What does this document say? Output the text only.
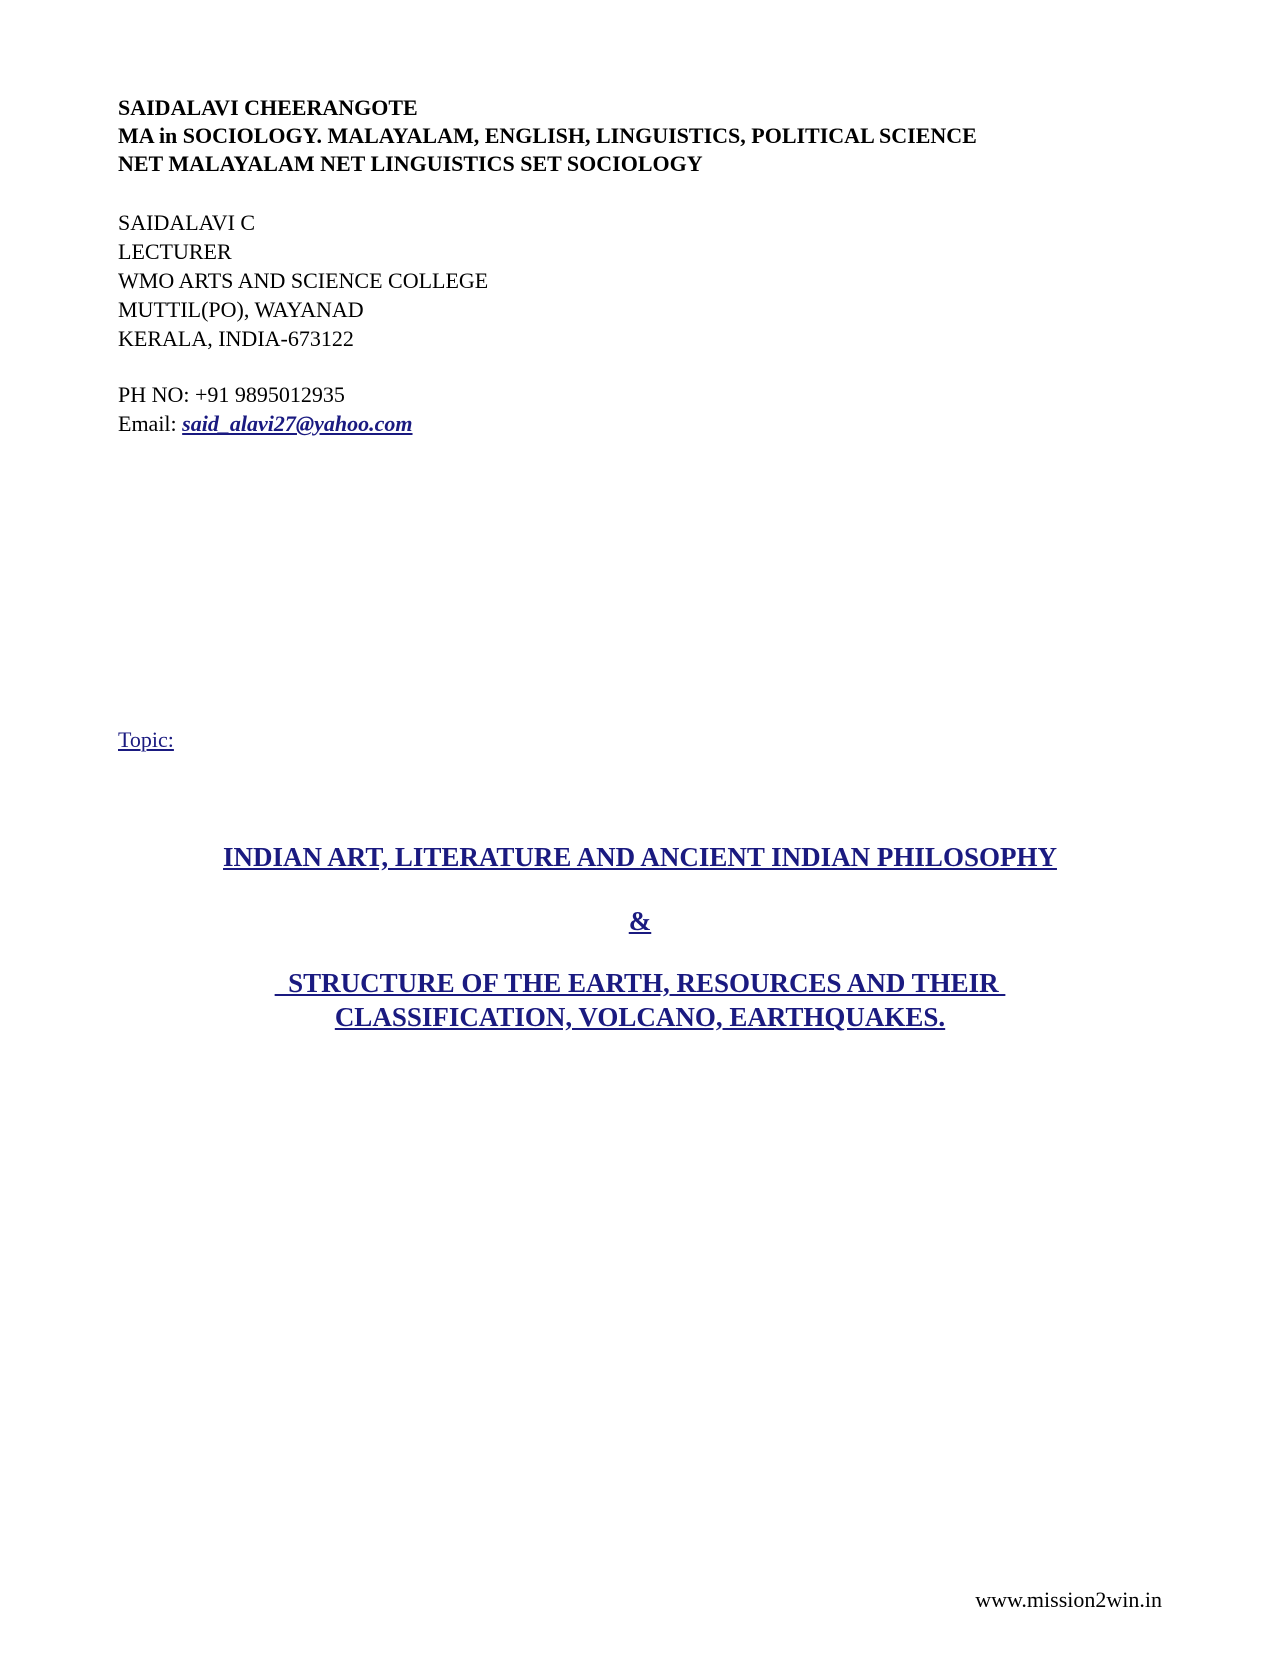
SAIDALAVI CHEERANGOTE
MA in SOCIOLOGY. MALAYALAM, ENGLISH, LINGUISTICS, POLITICAL SCIENCE
NET MALAYALAM NET LINGUISTICS SET SOCIOLOGY
SAIDALAVI C
LECTURER
WMO ARTS AND SCIENCE COLLEGE
MUTTIL(PO), WAYANAD
KERALA, INDIA-673122
PH NO: +91 9895012935
Email: said_alavi27@yahoo.com
Topic:
INDIAN ART, LITERATURE AND ANCIENT INDIAN PHILOSOPHY
&
STRUCTURE OF THE EARTH, RESOURCES AND THEIR
CLASSIFICATION, VOLCANO, EARTHQUAKES.
www.mission2win.in
